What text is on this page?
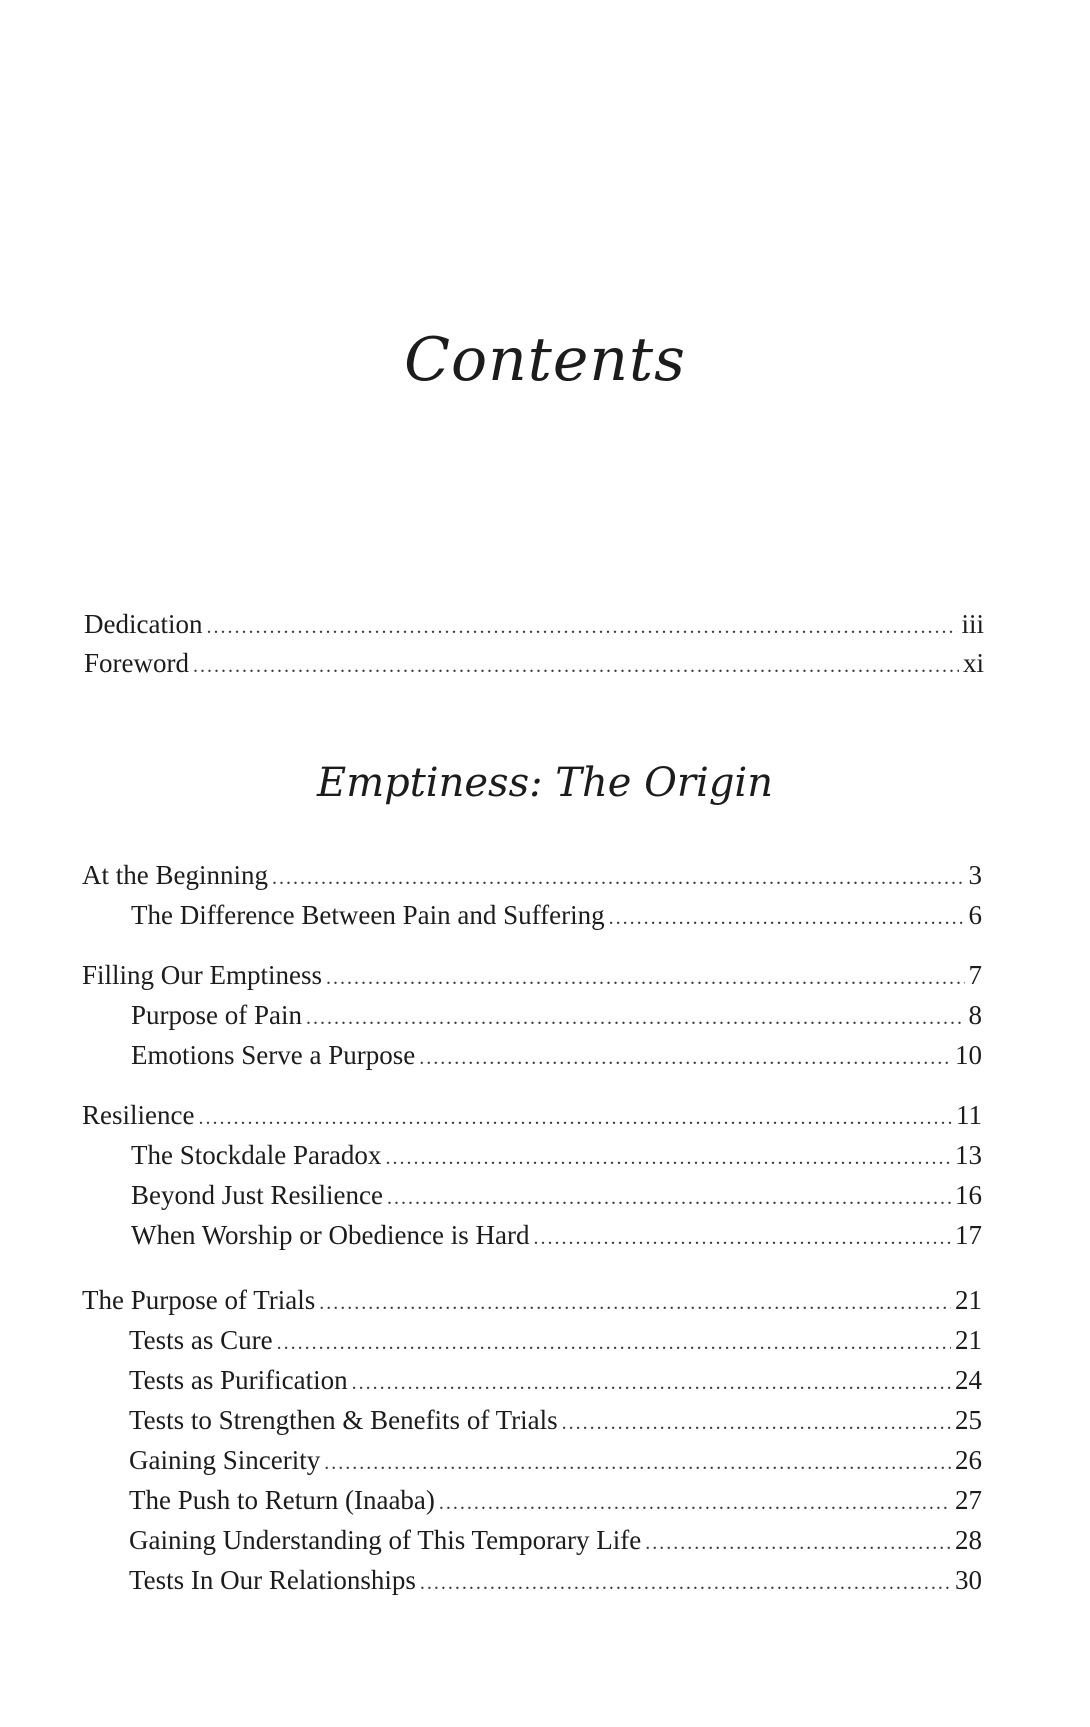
Contents
Dedication .....	iii
Foreword .....	xi
Emptiness: The Origin
At the Beginning .....	3
The Difference Between Pain and Suffering .....	6
Filling Our Emptiness .....	7
Purpose of Pain .....	8
Emotions Serve a Purpose .....	10
Resilience .....	11
The Stockdale Paradox .....	13
Beyond Just Resilience .....	16
When Worship or Obedience is Hard .....	17
The Purpose of Trials .....	21
Tests as Cure .....	21
Tests as Purification .....	24
Tests to Strengthen & Benefits of Trials .....	25
Gaining Sincerity .....	26
The Push to Return (Inaaba) .....	27
Gaining Understanding of This Temporary Life .....	28
Tests In Our Relationships .....	30
